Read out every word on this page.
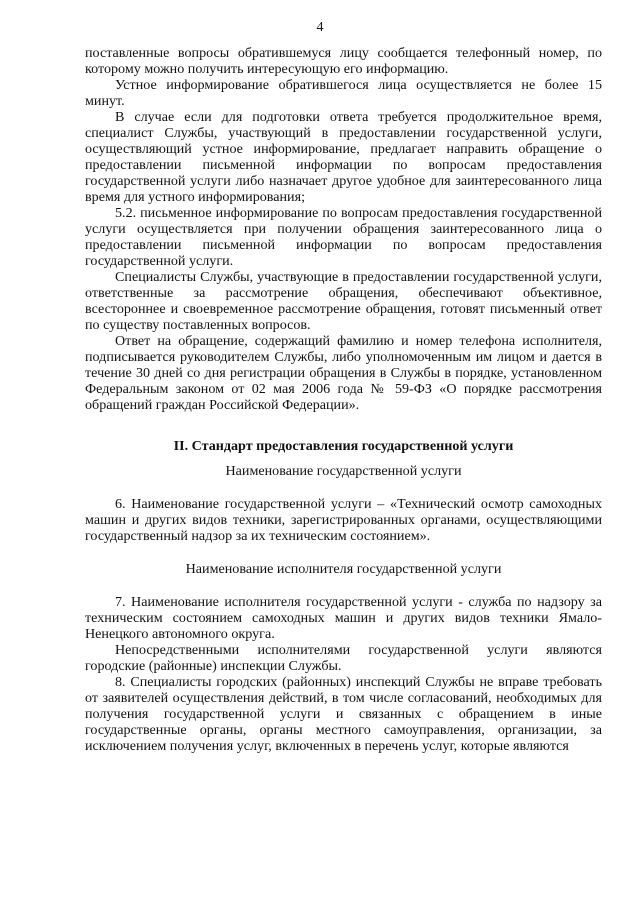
4

поставленные вопросы обратившемуся лицу сообщается телефонный номер, по которому можно получить интересующую его информацию.

Устное информирование обратившегося лица осуществляется не более 15 минут.

В случае если для подготовки ответа требуется продолжительное время, специалист Службы, участвующий в предоставлении государственной услуги, осуществляющий устное информирование, предлагает направить обращение о предоставлении письменной информации по вопросам предоставления государственной услуги либо назначает другое удобное для заинтересованного лица время для устного информирования;

5.2. письменное информирование по вопросам предоставления государственной услуги осуществляется при получении обращения заинтересованного лица о предоставлении письменной информации по вопросам предоставления государственной услуги.

Специалисты Службы, участвующие в предоставлении государственной услуги, ответственные за рассмотрение обращения, обеспечивают объективное, всестороннее и своевременное рассмотрение обращения, готовят письменный ответ по существу поставленных вопросов.

Ответ на обращение, содержащий фамилию и номер телефона исполнителя, подписывается руководителем Службы, либо уполномоченным им лицом и дается в течение 30 дней со дня регистрации обращения в Службы в порядке, установленном Федеральным законом от 02 мая 2006 года № 59-ФЗ «О порядке рассмотрения обращений граждан Российской Федерации».

II. Стандарт предоставления государственной услуги

Наименование государственной услуги

6. Наименование государственной услуги – «Технический осмотр самоходных машин и других видов техники, зарегистрированных органами, осуществляющими государственный надзор за их техническим состоянием».

Наименование исполнителя государственной услуги

7. Наименование исполнителя государственной услуги - служба по надзору за техническим состоянием самоходных машин и других видов техники Ямало-Ненецкого автономного округа.

Непосредственными исполнителями государственной услуги являются городские (районные) инспекции Службы.

8. Специалисты городских (районных) инспекций Службы не вправе требовать от заявителей осуществления действий, в том числе согласований, необходимых для получения государственной услуги и связанных с обращением в иные государственные органы, органы местного самоуправления, организации, за исключением получения услуг, включенных в перечень услуг, которые являются
